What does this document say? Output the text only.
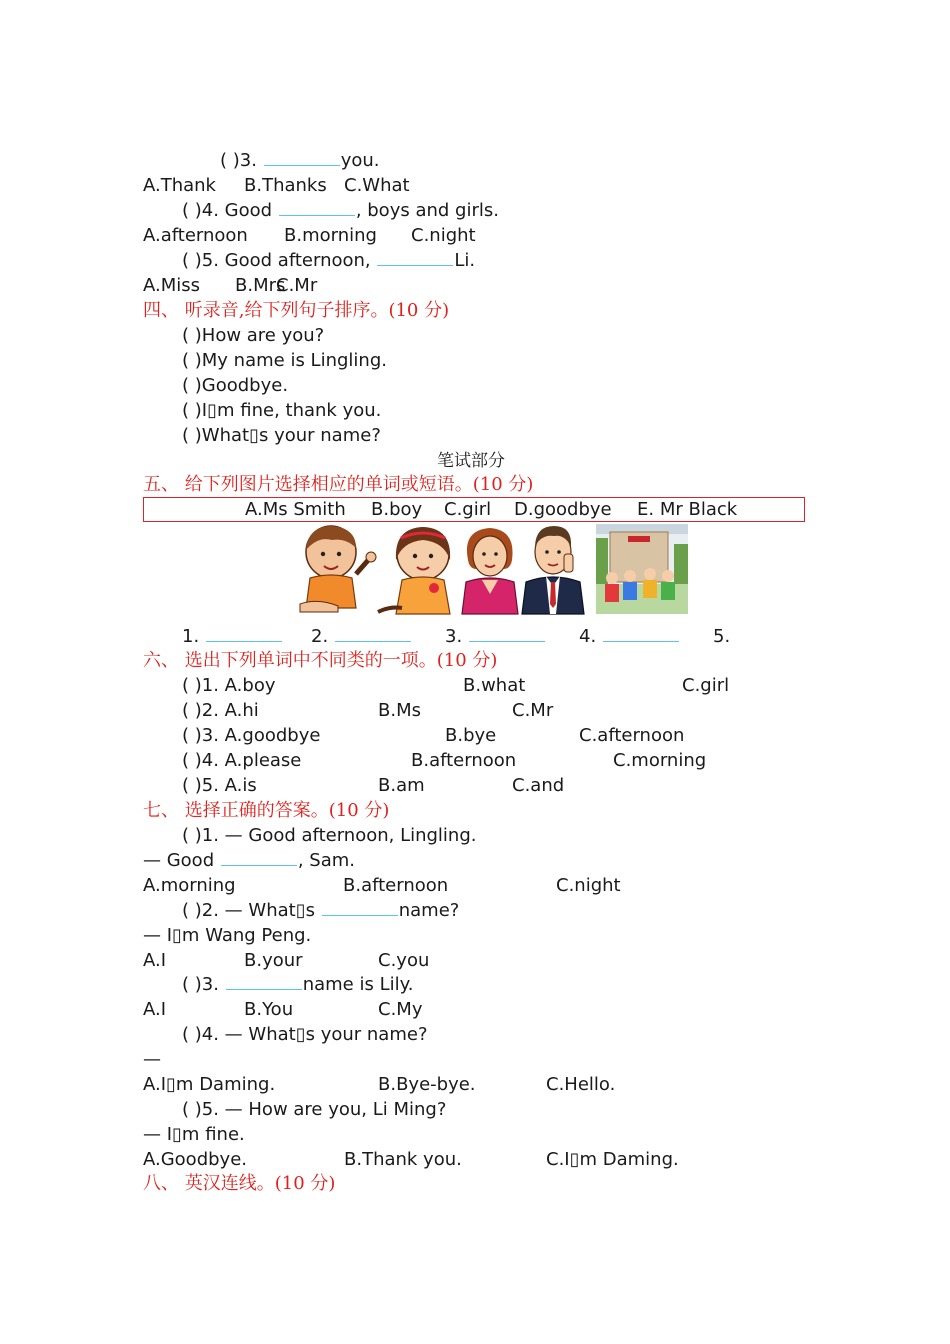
( )3.	you.
A.Thank B.Thanks C.What
( )4. Good	, boys and girls.
A.afternoon B.morning C.night
( )5. Good afternoon,	Li.
A.Miss B.Mrs
C.Mr
四、 听录音,给下列句子排序。(10 分)
( )How are you?
( )My name is Lingling.
( )Goodbye.
( )I▯m fine, thank you.
( )What▯s your name?
笔试部分
五、 给下列图片选择相应的单词或短语。(10 分)
A.Ms Smith B.boy C.girl D.goodbye E. Mr Black
1.	2.	3.	4.	5.
六、 选出下列单词中不同类的一项。(10 分)
( )1. A.boy	B.what	C.girl
( )2. A.hi	B.Ms	C.Mr
( )3. A.goodbye	B.bye	C.afternoon
( )4. A.please	B.afternoon	C.morning
( )5. A.is	B.am	C.and
七、 选择正确的答案。(10 分)
( )1. — Good afternoon, Lingling.
— Good	, Sam.
A.morning	B.afternoon	C.night
( )2. — What▯s	name?
— I▯m Wang Peng.
A.I	B.your	C.you
( )3.	name is Lily.
A.I	B.You	C.My
( )4. — What▯s your name?
—
A.I▯m Daming.	B.Bye-bye.	C.Hello.
( )5. — How are you, Li Ming?
— I▯m fine.
A.Goodbye.	B.Thank you.	C.I▯m Daming.
八、 英汉连线。(10 分)
